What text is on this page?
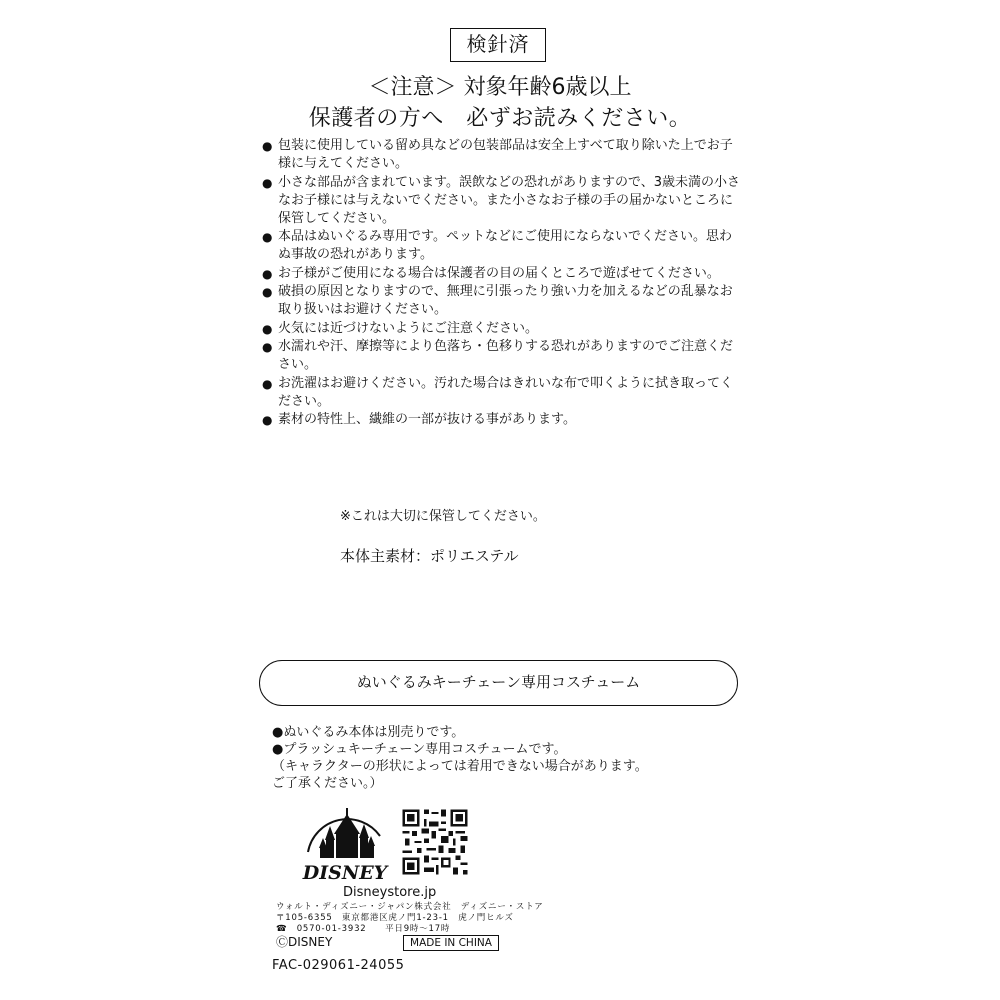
検針済
＜注意＞ 対象年齢6歳以上
保護者の方へ　必ずお読みください。
● 包装に使用している留め具などの包装部品は安全上すべて取り除いた上でお子様に与えてください。
● 小さな部品が含まれています。誤飲などの恐れがありますので、3歳未満の小さなお子様には与えないでください。また小さなお子様の手の届かないところに保管してください。
● 本品はぬいぐるみ専用です。ペットなどにご使用にならないでください。思わぬ事故の恐れがあります。
● お子様がご使用になる場合は保護者の目の届くところで遊ばせてください。
● 破損の原因となりますので、無理に引張ったり強い力を加えるなどの乱暴なお取り扱いはお避けください。
● 火気には近づけないようにご注意ください。
● 水濡れや汗、摩擦等により色落ち・色移りする恐れがありますのでご注意ください。
● お洗濯はお避けください。汚れた場合はきれいな布で叩くように拭き取ってください。
● 素材の特性上、繊維の一部が抜ける事があります。
※これは大切に保管してください。
本体主素材：ポリエステル
ぬいぐるみキーチェーン専用コスチューム
●ぬいぐるみ本体は別売りです。
●プラッシュキーチェーン専用コスチュームです。
（キャラクターの形状によっては着用できない場合があります。
ご了承ください。）
DISNEY
Disneystore.jp
ウォルト・ディズニー・ジャパン株式会社　ディズニー・ストア
〒105-6355　東京都港区虎ノ門1-23-1　虎ノ門ヒルズ
☎　0570-01-3932　　平日9時～17時
ⒸDISNEY	MADE IN CHINA
FAC-029061-24055
